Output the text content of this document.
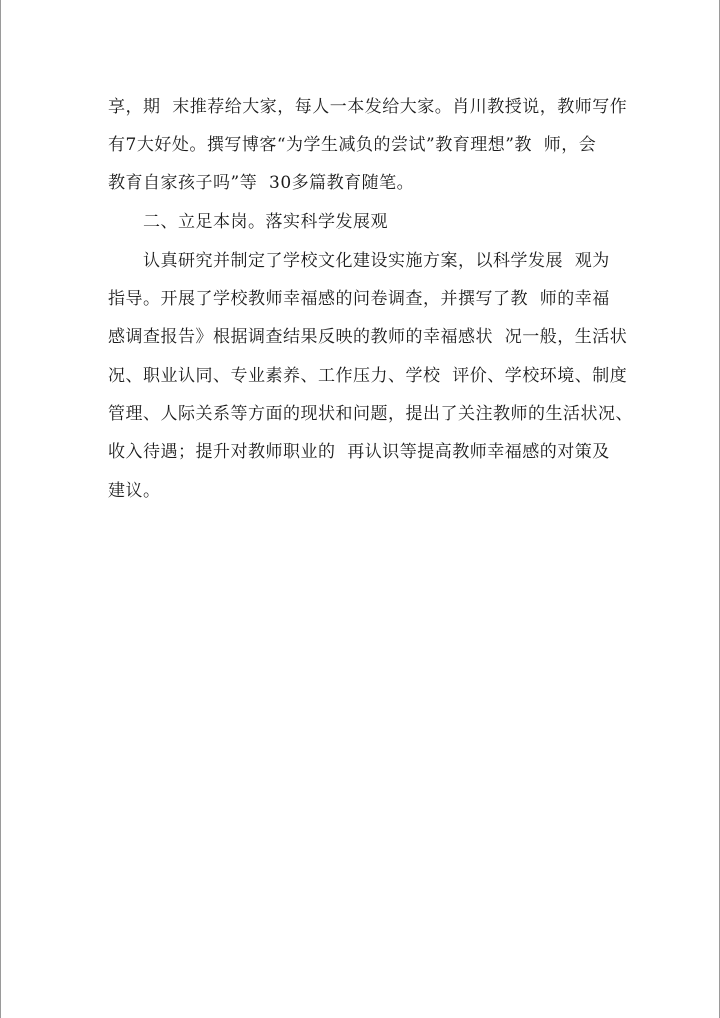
享，期  末推荐给大家，每人一本发给大家。肖川教授说，教师写作
有7大好处。撰写博客“为学生减负的尝试”教育理想”教  师，会
教育自家孩子吗”等  30多篇教育随笔。
二、立足本岗。落实科学发展观
认真研究并制定了学校文化建设实施方案，以科学发展  观为
指导。开展了学校教师幸福感的问卷调查，并撰写了教  师的幸福
感调查报告》根据调查结果反映的教师的幸福感状  况一般，生活状
况、职业认同、专业素养、工作压力、学校  评价、学校环境、制度
管理、人际关系等方面的现状和问题，提出了关注教师的生活状况、
收入待遇；提升对教师职业的  再认识等提高教师幸福感的对策及
建议。
